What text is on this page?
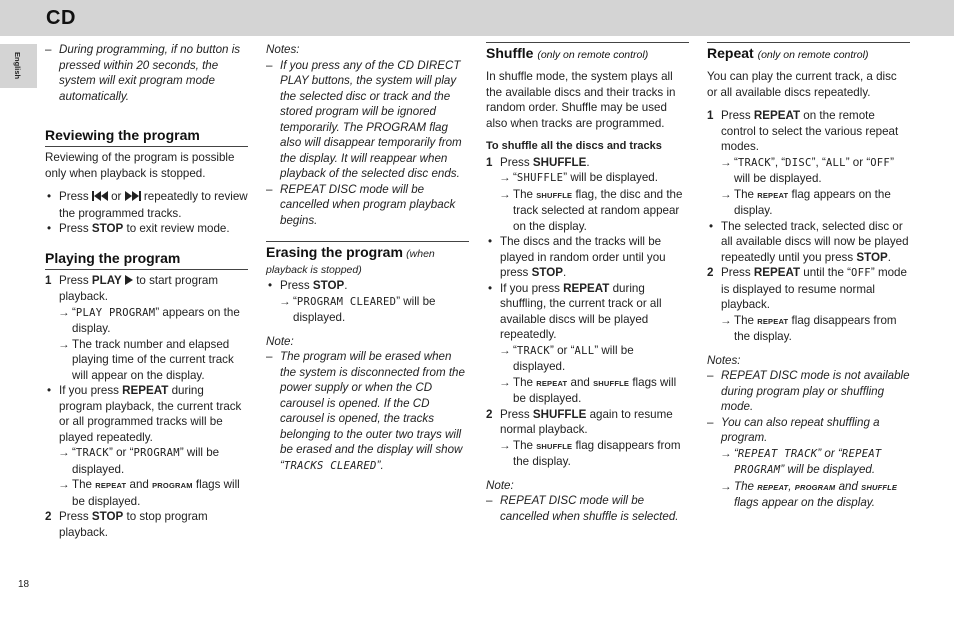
CD
English

– During programming, if no button is pressed within 20 seconds, the system will exit program mode automatically.

Reviewing the program

Reviewing of the program is possible only when playback is stopped.

• Press or repeatedly to review the programmed tracks.

• Press STOP to exit review mode.

Playing the program

1 Press PLAY to start program playback.

→ “PLAY PROGRAM” appears on the display.

→ The track number and elapsed playing time of the current track will appear on the display.

• If you press REPEAT during program playback, the current track or all programmed tracks will be played repeatedly.

→ “TRACK” or “PROGRAM” will be displayed.

→ The REPEAT and PROGRAM flags will be displayed.

2 Press STOP to stop program playback.

Notes:

– If you press any of the CD DIRECT PLAY buttons, the system will play the selected disc or track and the stored program will be ignored temporarily. The PROGRAM flag also will disappear temporarily from the display. It will reappear when playback of the selected disc ends.

– REPEAT DISC mode will be cancelled when program playback begins.

Erasing the program (when

playback is stopped)

• Press STOP.

→ “PROGRAM CLEARED” will be displayed.

Note:

– The program will be erased when the system is disconnected from the power supply or when the CD carousel is opened. If the CD carousel is opened, the tracks belonging to the outer two trays will be erased and the display will show “TRACKS CLEARED”.

Shuffle (only on remote control)

In shuffle mode, the system plays all the available discs and their tracks in random order. Shuffle may be used also when tracks are programmed.

To shuffle all the discs and tracks

1 Press SHUFFLE.

→ “SHUFFLE” will be displayed.

→ The SHUFFLE flag, the disc and the track selected at random appear on the display.

• The discs and the tracks will be played in random order until you press STOP.

• If you press REPEAT during shuffling, the current track or all available discs will be played repeatedly.

→ “TRACK” or “ALL” will be displayed.

→ The REPEAT and SHUFFLE flags will be displayed.

2 Press SHUFFLE again to resume normal playback.

→ The SHUFFLE flag disappears from the display.

Note:

– REPEAT DISC mode will be cancelled when shuffle is selected.

Repeat (only on remote control)

You can play the current track, a disc or all available discs repeatedly.

1 Press REPEAT on the remote control to select the various repeat modes.

→ “TRACK”, “DISC”, “ALL” or “OFF” will be displayed.

→ The REPEAT flag appears on the display.

• The selected track, selected disc or all available discs will now be played repeatedly until you press STOP.

2 Press REPEAT until the “OFF” mode is displayed to resume normal playback.

→ The REPEAT flag disappears from the display.

Notes:

– REPEAT DISC mode is not available during program play or shuffling mode.

– You can also repeat shuffling a program.

→ “REPEAT TRACK” or “REPEAT PROGRAM” will be displayed.

→ The REPEAT, PROGRAM and SHUFFLE flags appear on the display.

18
